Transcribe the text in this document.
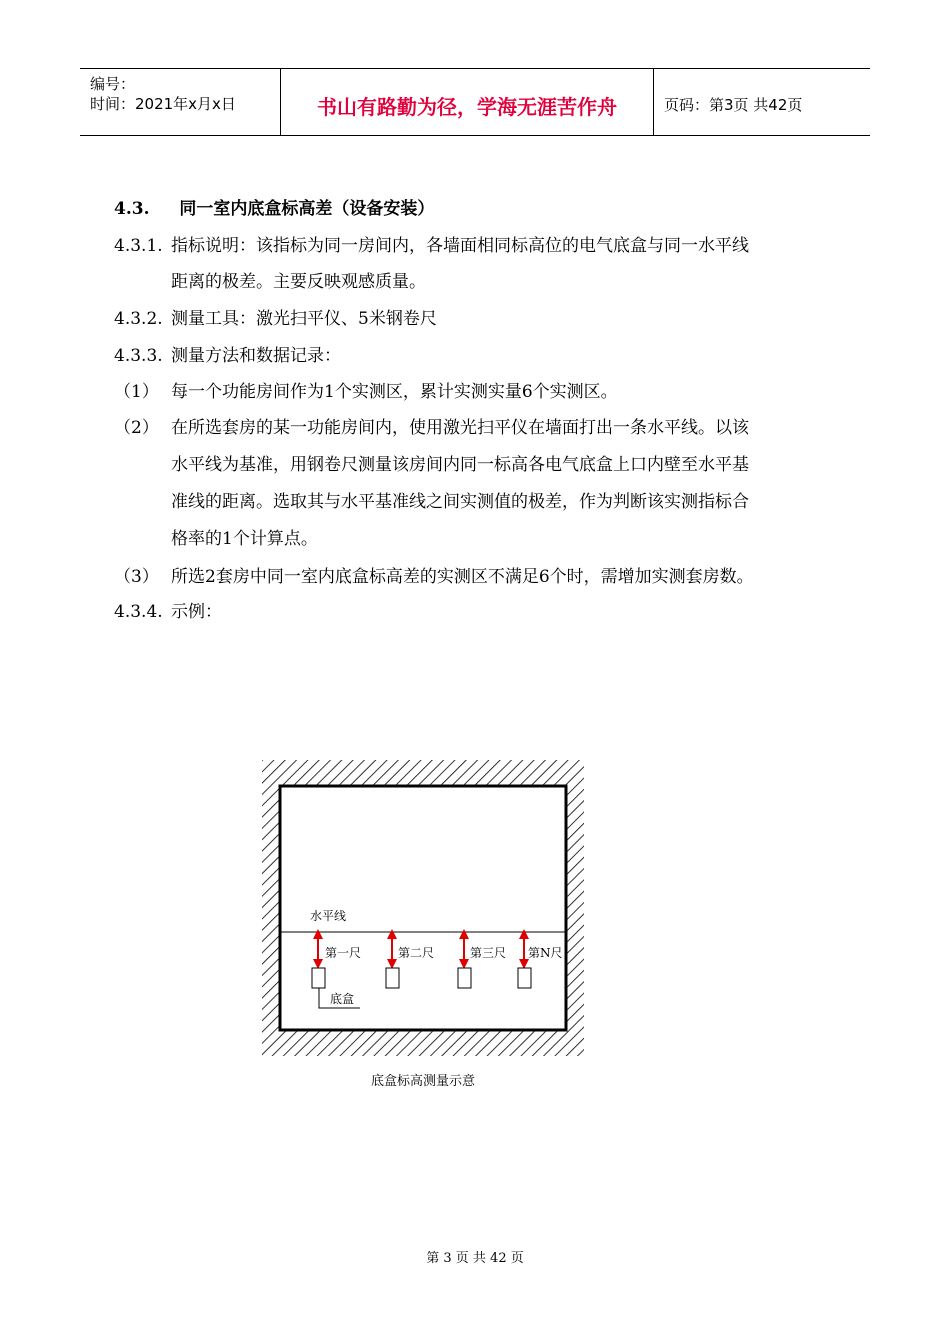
编号：
时间：2021年x月x日	书山有路勤为径，学海无涯苦作舟	页码：第3页 共42页
4.3. 同一室内底盒标高差（设备安装）
4.3.1. 指标说明：该指标为同一房间内，各墙面相同标高位的电气底盒与同一水平线
距离的极差。主要反映观感质量。
4.3.2. 测量工具：激光扫平仪、5米钢卷尺
4.3.3. 测量方法和数据记录：
（1） 每一个功能房间作为1个实测区，累计实测实量6个实测区。
（2） 在所选套房的某一功能房间内，使用激光扫平仪在墙面打出一条水平线。以该
水平线为基准，用钢卷尺测量该房间内同一标高各电气底盒上口内壁至水平基
准线的距离。选取其与水平基准线之间实测值的极差，作为判断该实测指标合
格率的1个计算点。
（3） 所选2套房中同一室内底盒标高差的实测区不满足6个时，需增加实测套房数。
4.3.4. 示例：
水平线
第一尺	第二尺	第三尺 第N尺
底盒
底盒标高测量示意
第 3 页 共 42 页
